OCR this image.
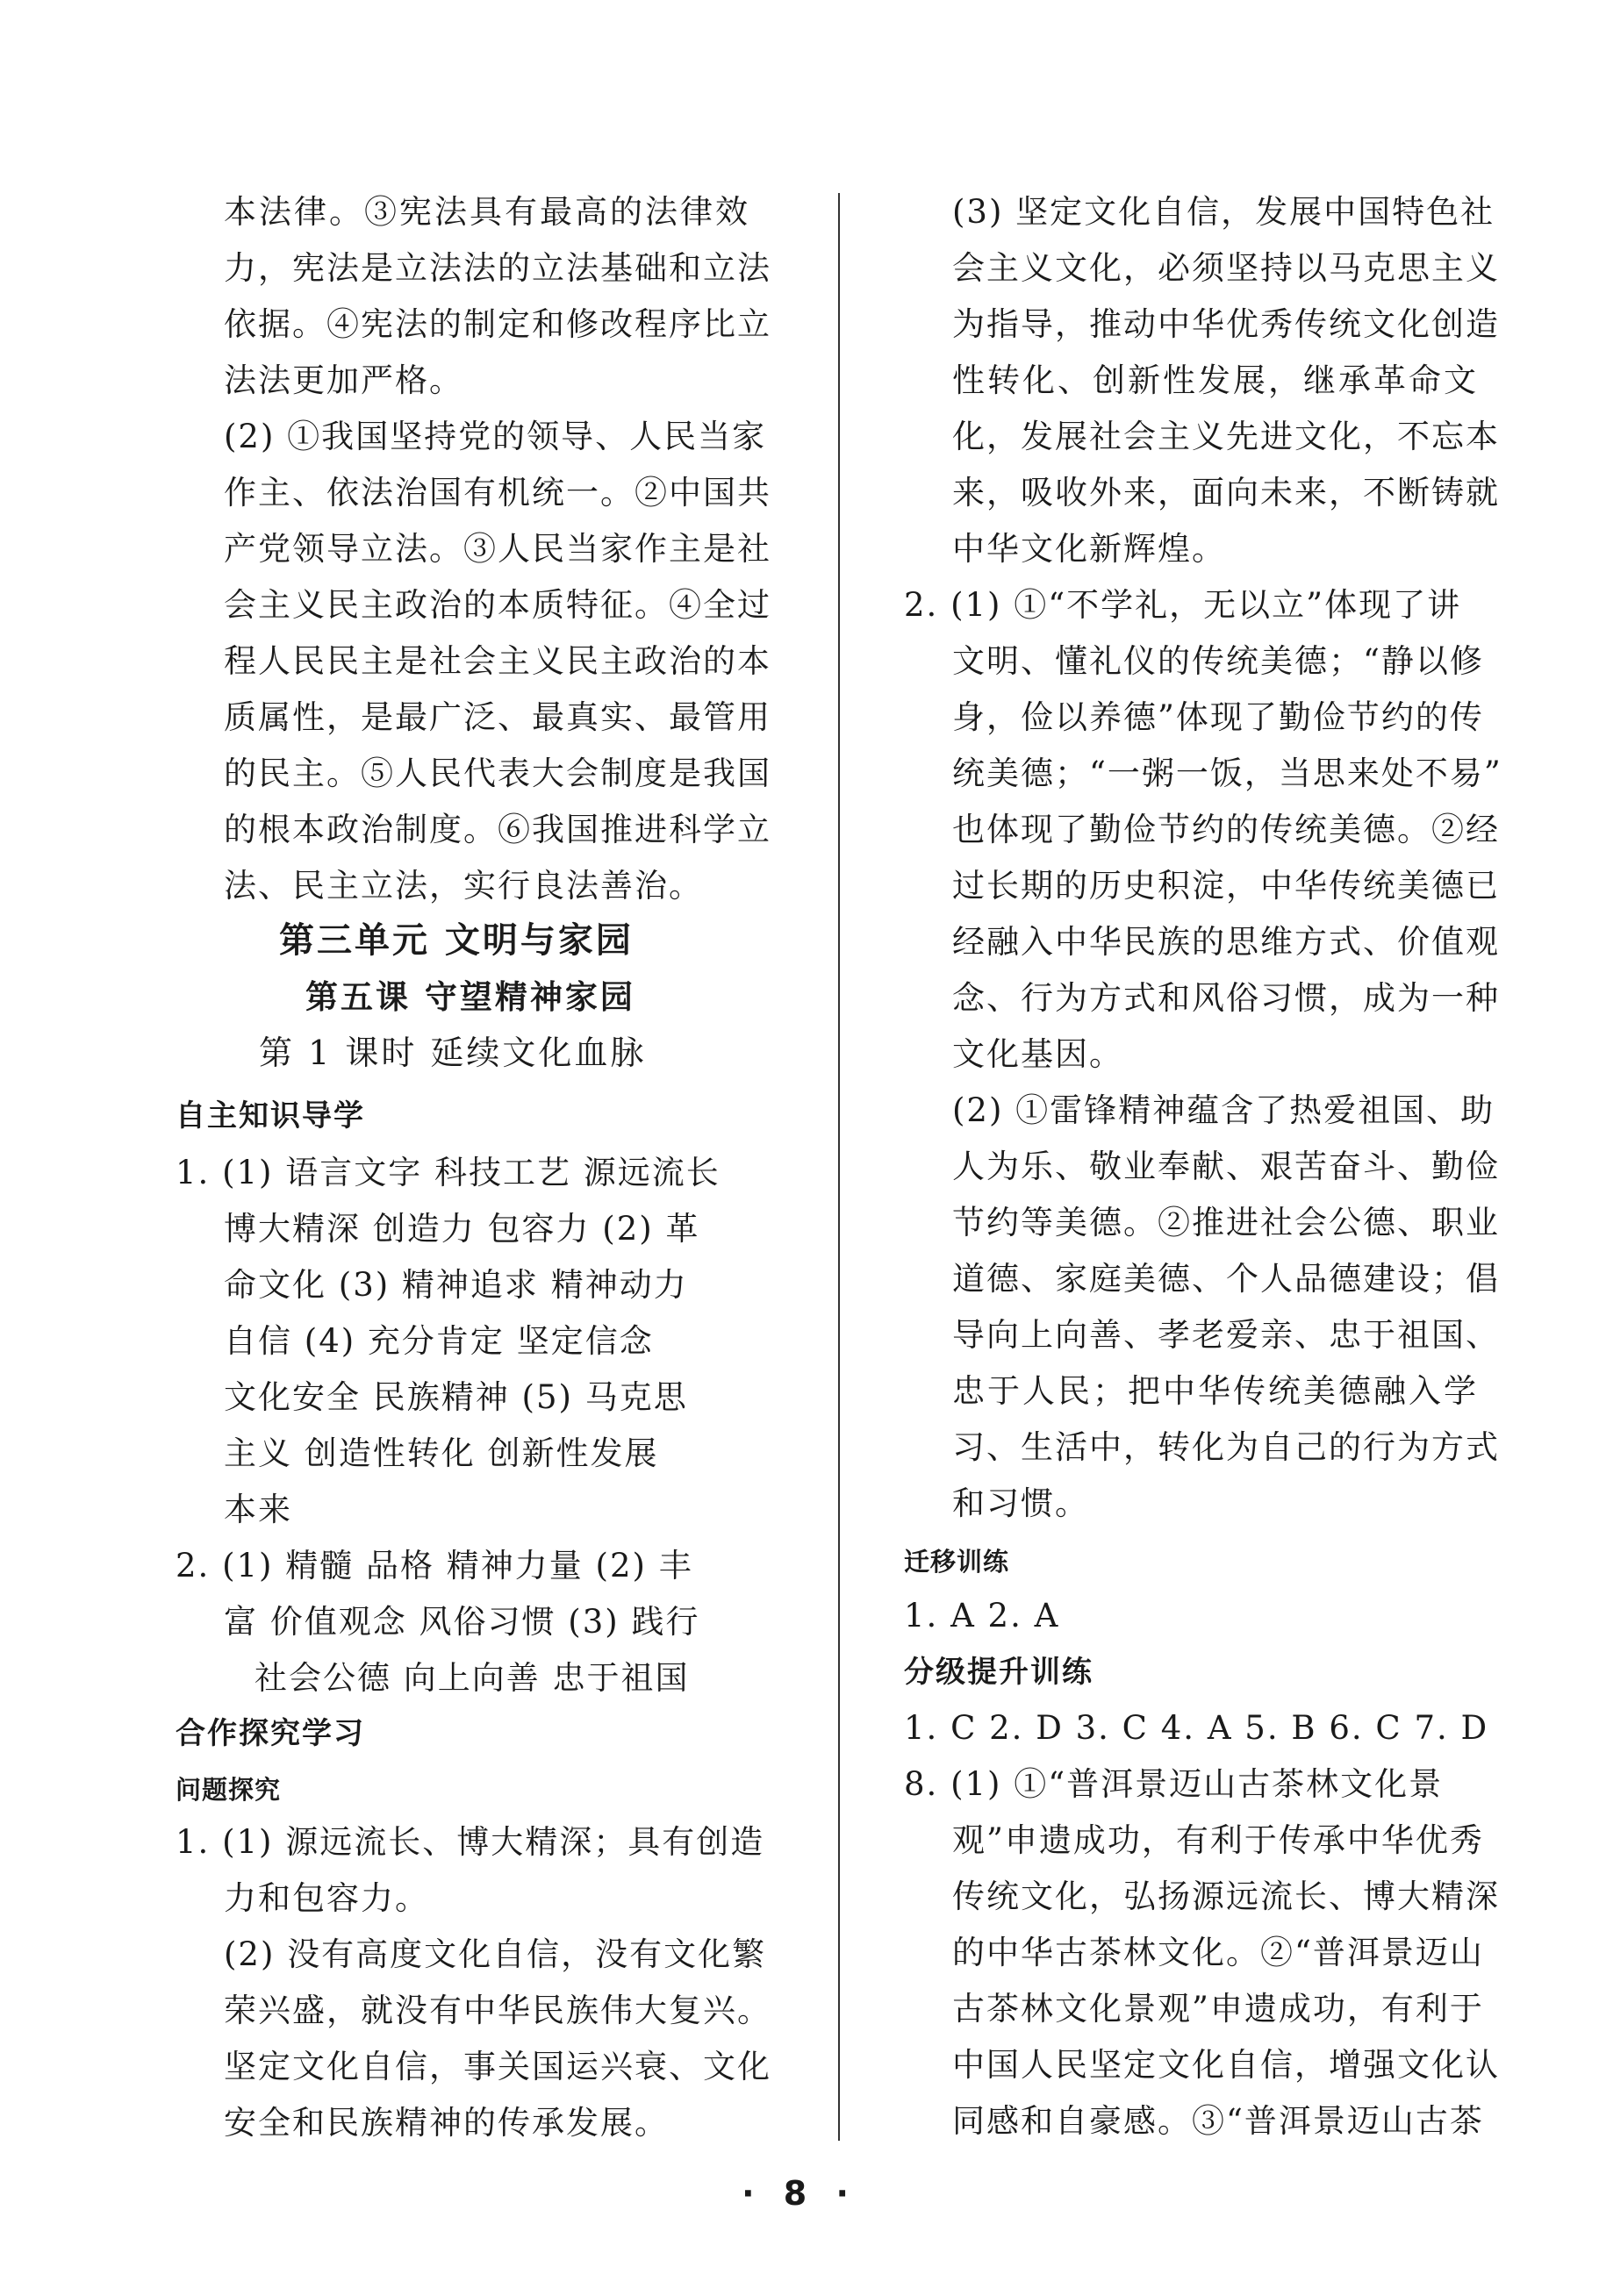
本法律。③宪法具有最高的法律效
力，宪法是立法法的立法基础和立法
依据。④宪法的制定和修改程序比立
法法更加严格。
(2) ①我国坚持党的领导、人民当家
作主、依法治国有机统一。②中国共
产党领导立法。③人民当家作主是社
会主义民主政治的本质特征。④全过
程人民民主是社会主义民主政治的本
质属性，是最广泛、最真实、最管用
的民主。⑤人民代表大会制度是我国
的根本政治制度。⑥我国推进科学立
法、民主立法，实行良法善治。
1. (1) 语言文字 科技工艺 源远流长
博大精深 创造力 包容力 (2) 革
命文化 (3) 精神追求 精神动力
自信 (4) 充分肯定 坚定信念
文化安全 民族精神 (5) 马克思
主义 创造性转化 创新性发展
本来
2. (1) 精髓 品格 精神力量 (2) 丰
富 价值观念 风俗习惯 (3) 践行
社会公德 向上向善 忠于祖国
1. (1) 源远流长、博大精深；具有创造
力和包容力。
(2) 没有高度文化自信，没有文化繁
荣兴盛，就没有中华民族伟大复兴。
坚定文化自信，事关国运兴衰、文化
安全和民族精神的传承发展。
第三单元 文明与家园
第五课 守望精神家园
第 1 课时 延续文化血脉
自主知识导学
合作探究学习
问题探究
(3) 坚定文化自信，发展中国特色社
会主义文化，必须坚持以马克思主义
为指导，推动中华优秀传统文化创造
性转化、创新性发展，继承革命文
化，发展社会主义先进文化，不忘本
来，吸收外来，面向未来，不断铸就
中华文化新辉煌。
2. (1) ①“不学礼，无以立”体现了讲
文明、懂礼仪的传统美德；“静以修
身，俭以养德”体现了勤俭节约的传
统美德；“一粥一饭，当思来处不易”
也体现了勤俭节约的传统美德。②经
过长期的历史积淀，中华传统美德已
经融入中华民族的思维方式、价值观
念、行为方式和风俗习惯，成为一种
文化基因。
(2) ①雷锋精神蕴含了热爱祖国、助
人为乐、敬业奉献、艰苦奋斗、勤俭
节约等美德。②推进社会公德、职业
道德、家庭美德、个人品德建设；倡
导向上向善、孝老爱亲、忠于祖国、
忠于人民；把中华传统美德融入学
习、生活中，转化为自己的行为方式
和习惯。
1. A 2. A
1. C 2. D 3. C 4. A 5. B 6. C 7. D
8. (1) ①“普洱景迈山古茶林文化景
观”申遗成功，有利于传承中华优秀
传统文化，弘扬源远流长、博大精深
的中华古茶林文化。②“普洱景迈山
古茶林文化景观”申遗成功，有利于
中国人民坚定文化自信，增强文化认
同感和自豪感。③“普洱景迈山古茶
迁移训练
分级提升训练
· 8 ·
